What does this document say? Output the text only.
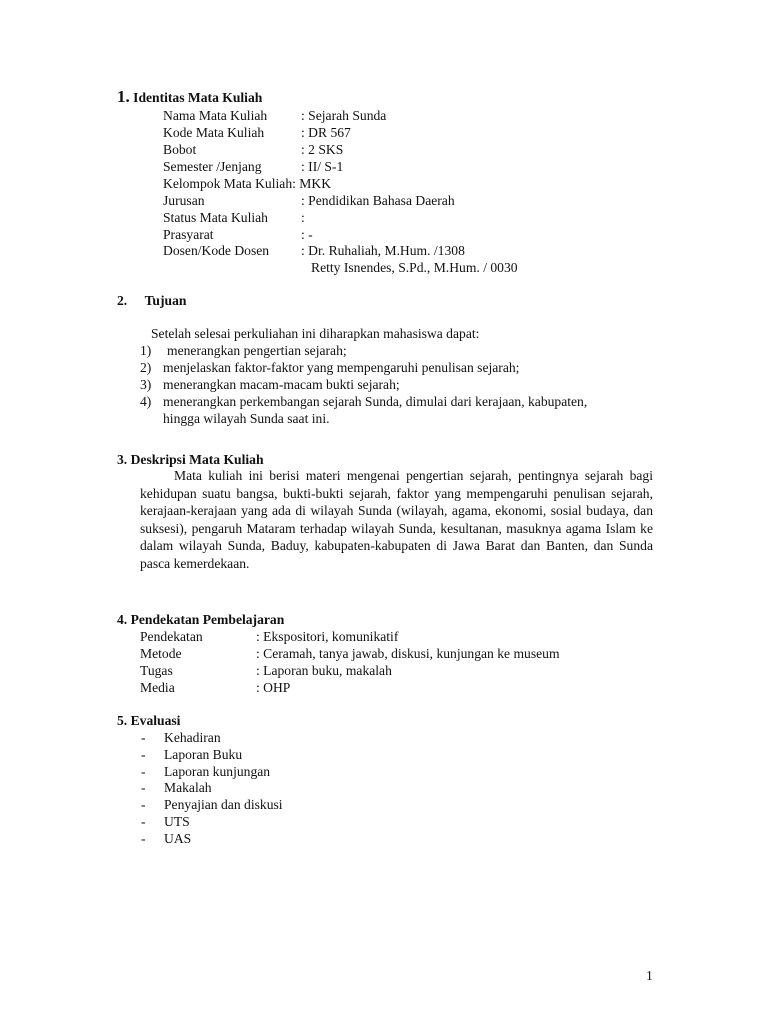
1. Identitas Mata Kuliah
Nama Mata Kuliah : Sejarah Sunda
Kode Mata Kuliah	: DR 567
Bobot	: 2 SKS
Semester /Jenjang	: II/ S-1
Kelompok Mata Kuliah: MKK
Jurusan	: Pendidikan Bahasa Daerah
Status Mata Kuliah :
Prasyarat	: -
Dosen/Kode Dosen : Dr. Ruhaliah, M.Hum. /1308
Retty Isnendes, S.Pd., M.Hum. / 0030
2. Tujuan
Setelah selesai perkuliahan ini diharapkan mahasiswa dapat:
1) menerangkan pengertian sejarah;
2) menjelaskan faktor-faktor yang mempengaruhi penulisan sejarah;
3) menerangkan macam-macam bukti sejarah;
4) menerangkan perkembangan sejarah Sunda, dimulai dari kerajaan, kabupaten,
hingga wilayah Sunda saat ini.
3. Deskripsi Mata Kuliah
Mata kuliah ini berisi materi mengenai pengertian sejarah, pentingnya sejarah bagi kehidupan suatu bangsa, bukti-bukti sejarah, faktor yang mempengaruhi penulisan sejarah, kerajaan-kerajaan yang ada di wilayah Sunda (wilayah, agama, ekonomi, sosial budaya, dan suksesi), pengaruh Mataram terhadap wilayah Sunda, kesultanan, masuknya agama Islam ke dalam wilayah Sunda, Baduy, kabupaten-kabupaten di Jawa Barat dan Banten, dan Sunda pasca kemerdekaan.
4. Pendekatan Pembelajaran
Pendekatan	: Ekspositori, komunikatif
Metode	: Ceramah, tanya jawab, diskusi, kunjungan ke museum
Tugas	: Laporan buku, makalah
Media	: OHP
5. Evaluasi
- Kehadiran
- Laporan Buku
- Laporan kunjungan
- Makalah
- Penyajian dan diskusi
- UTS
- UAS
1
